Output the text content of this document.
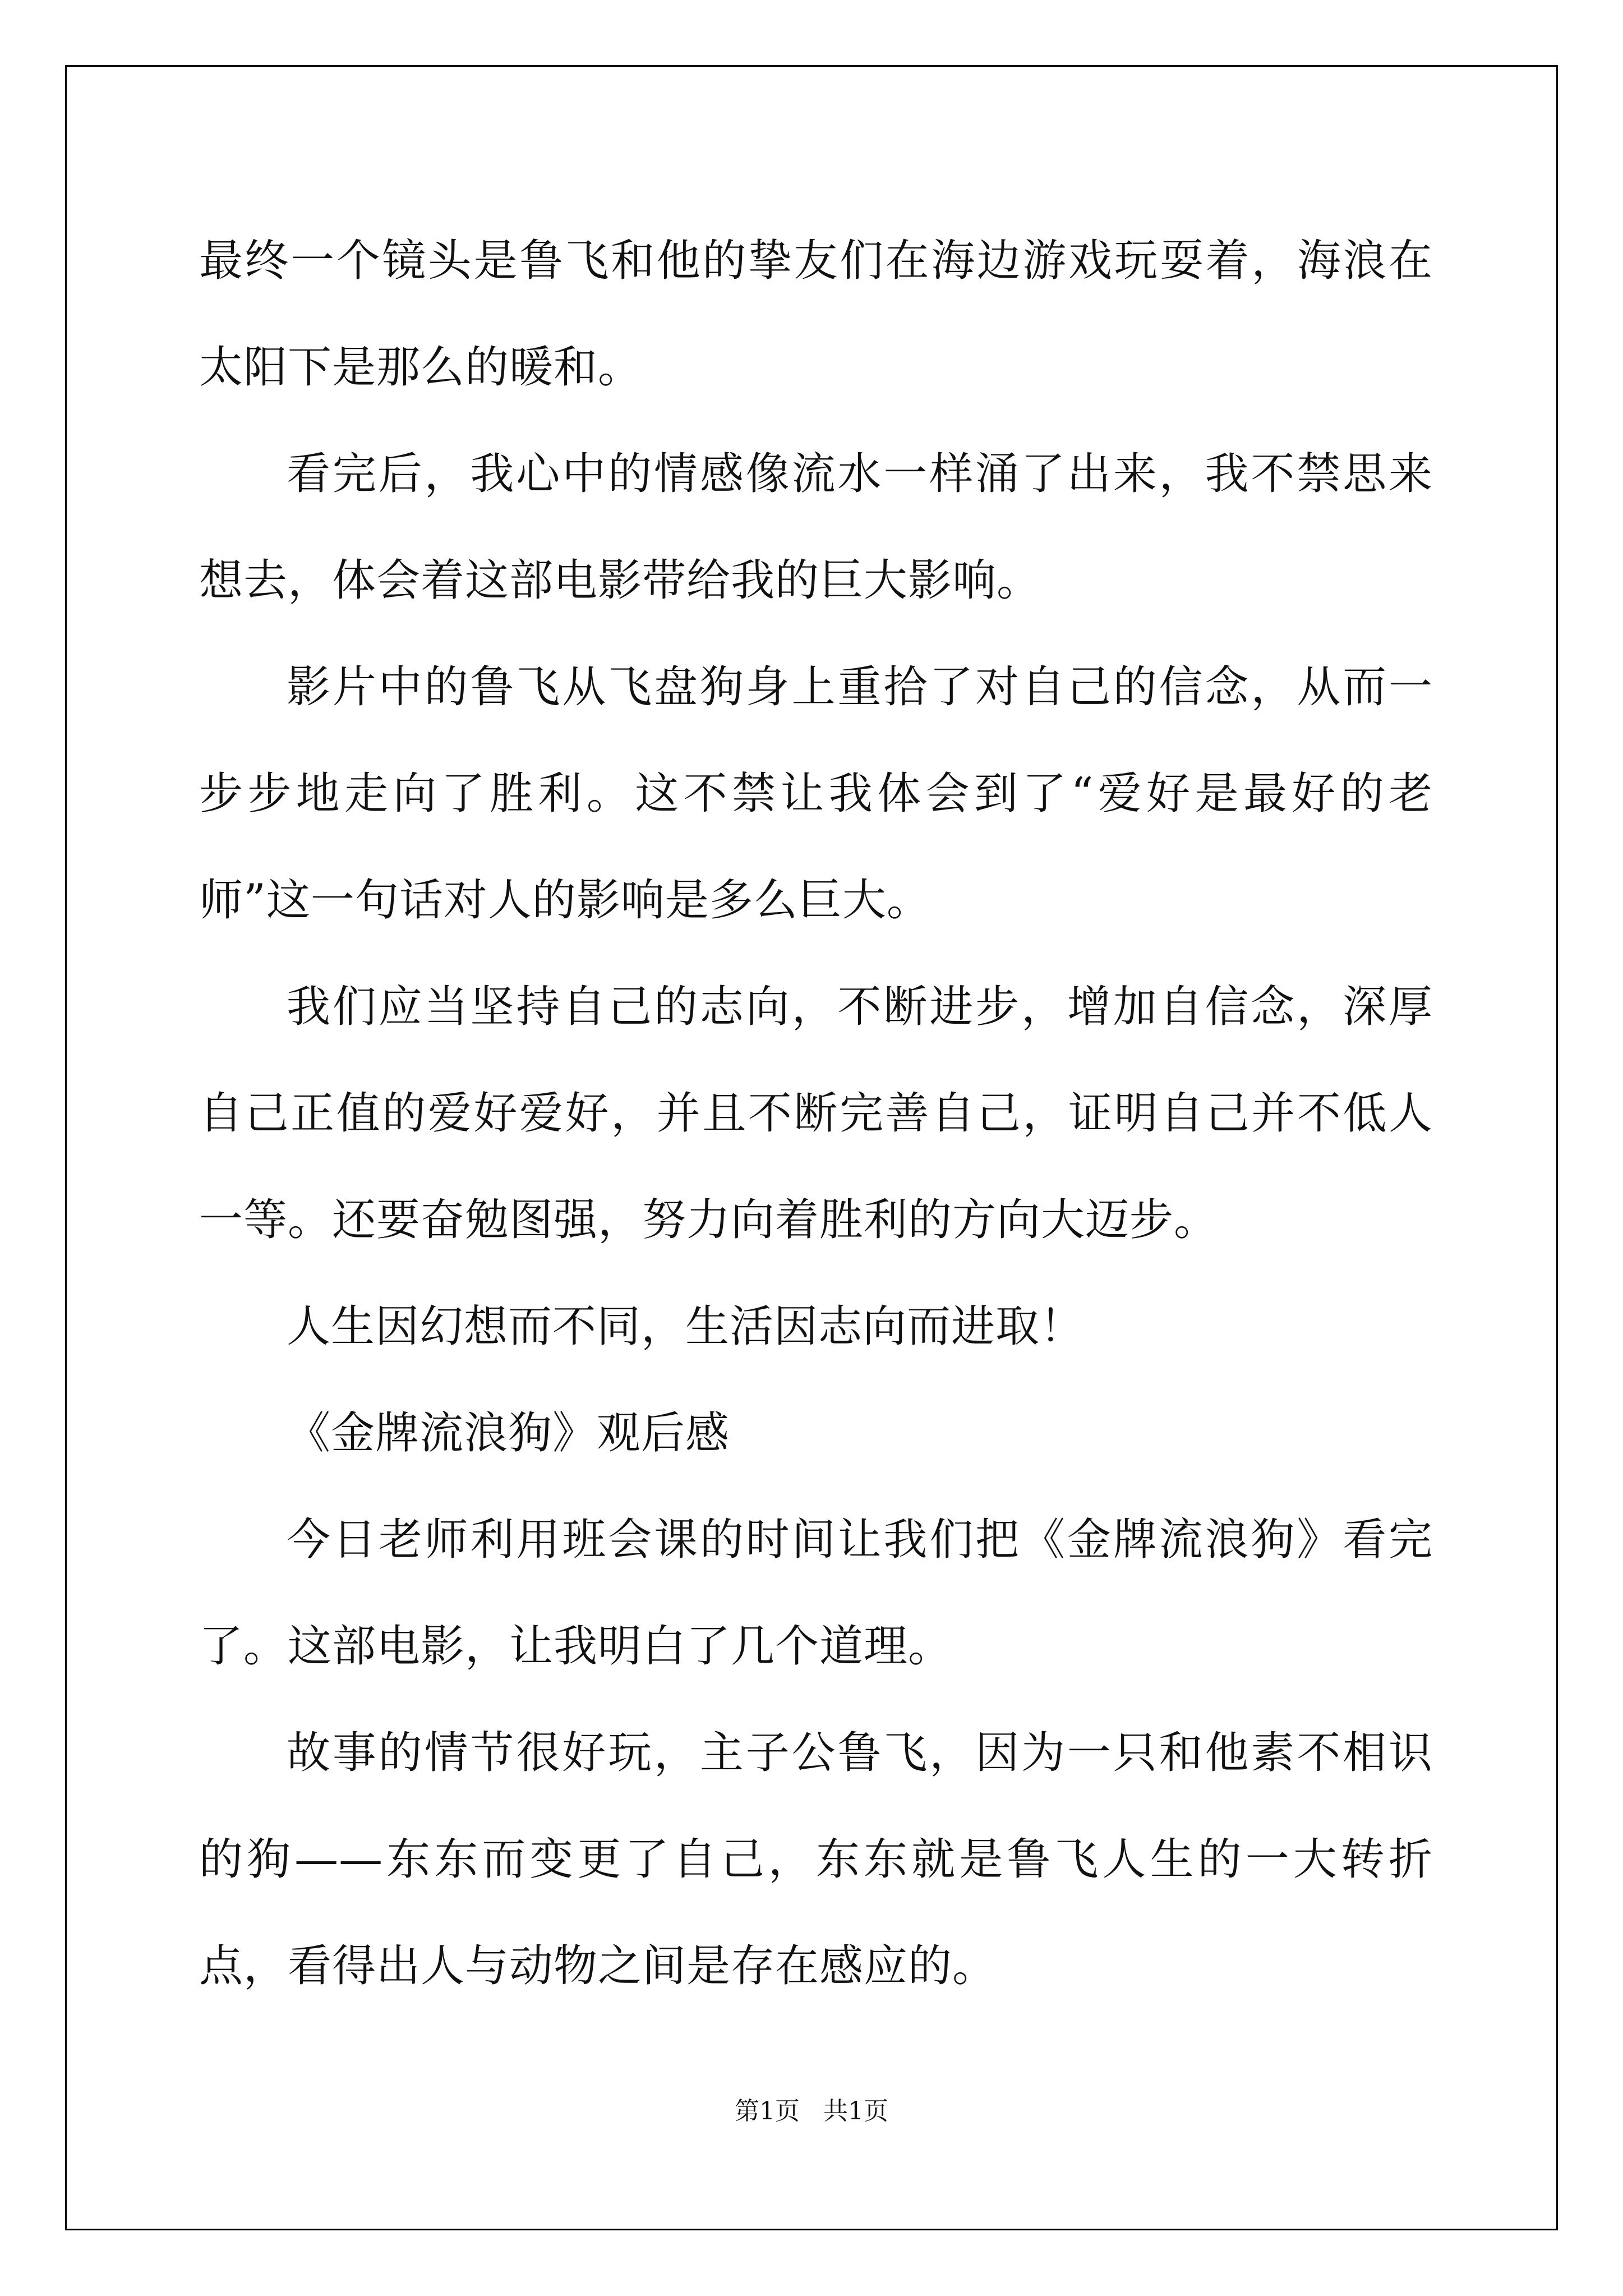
最终一个镜头是鲁飞和他的挚友们在海边游戏玩耍着，海浪在太阳下是那么的暖和。

看完后，我心中的情感像流水一样涌了出来，我不禁思来想去，体会着这部电影带给我的巨大影响。

影片中的鲁飞从飞盘狗身上重拾了对自己的信念，从而一步步地走向了胜利。这不禁让我体会到了“爱好是最好的老师”这一句话对人的影响是多么巨大。

我们应当坚持自己的志向，不断进步，增加自信念，深厚自己正值的爱好爱好，并且不断完善自己，证明自己并不低人一等。还要奋勉图强，努力向着胜利的方向大迈步。

人生因幻想而不同，生活因志向而进取！

《金牌流浪狗》观后感

今日老师利用班会课的时间让我们把《金牌流浪狗》看完了。这部电影，让我明白了几个道理。

故事的情节很好玩，主子公鲁飞，因为一只和他素不相识的狗——东东而变更了自己，东东就是鲁飞人生的一大转折点，看得出人与动物之间是存在感应的。

第1页   共1页
